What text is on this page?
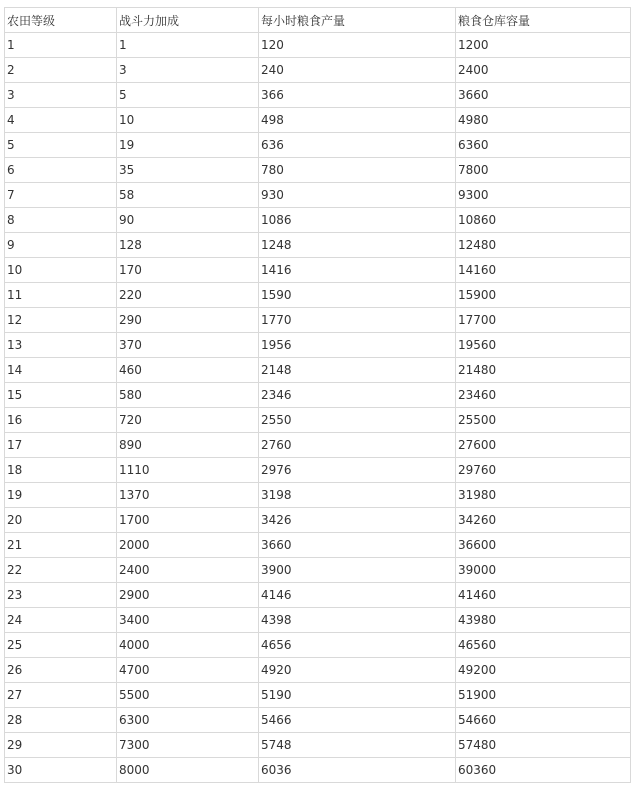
农田等级	战斗力加成	每小时粮食产量	粮食仓库容量
1	1	120	1200
2	3	240	2400
3	5	366	3660
4	10	498	4980
5	19	636	6360
6	35	780	7800
7	58	930	9300
8	90	1086	10860
9	128	1248	12480
10	170	1416	14160
11	220	1590	15900
12	290	1770	17700
13	370	1956	19560
14	460	2148	21480
15	580	2346	23460
16	720	2550	25500
17	890	2760	27600
18	1110	2976	29760
19	1370	3198	31980
20	1700	3426	34260
21	2000	3660	36600
22	2400	3900	39000
23	2900	4146	41460
24	3400	4398	43980
25	4000	4656	46560
26	4700	4920	49200
27	5500	5190	51900
28	6300	5466	54660
29	7300	5748	57480
30	8000	6036	60360
